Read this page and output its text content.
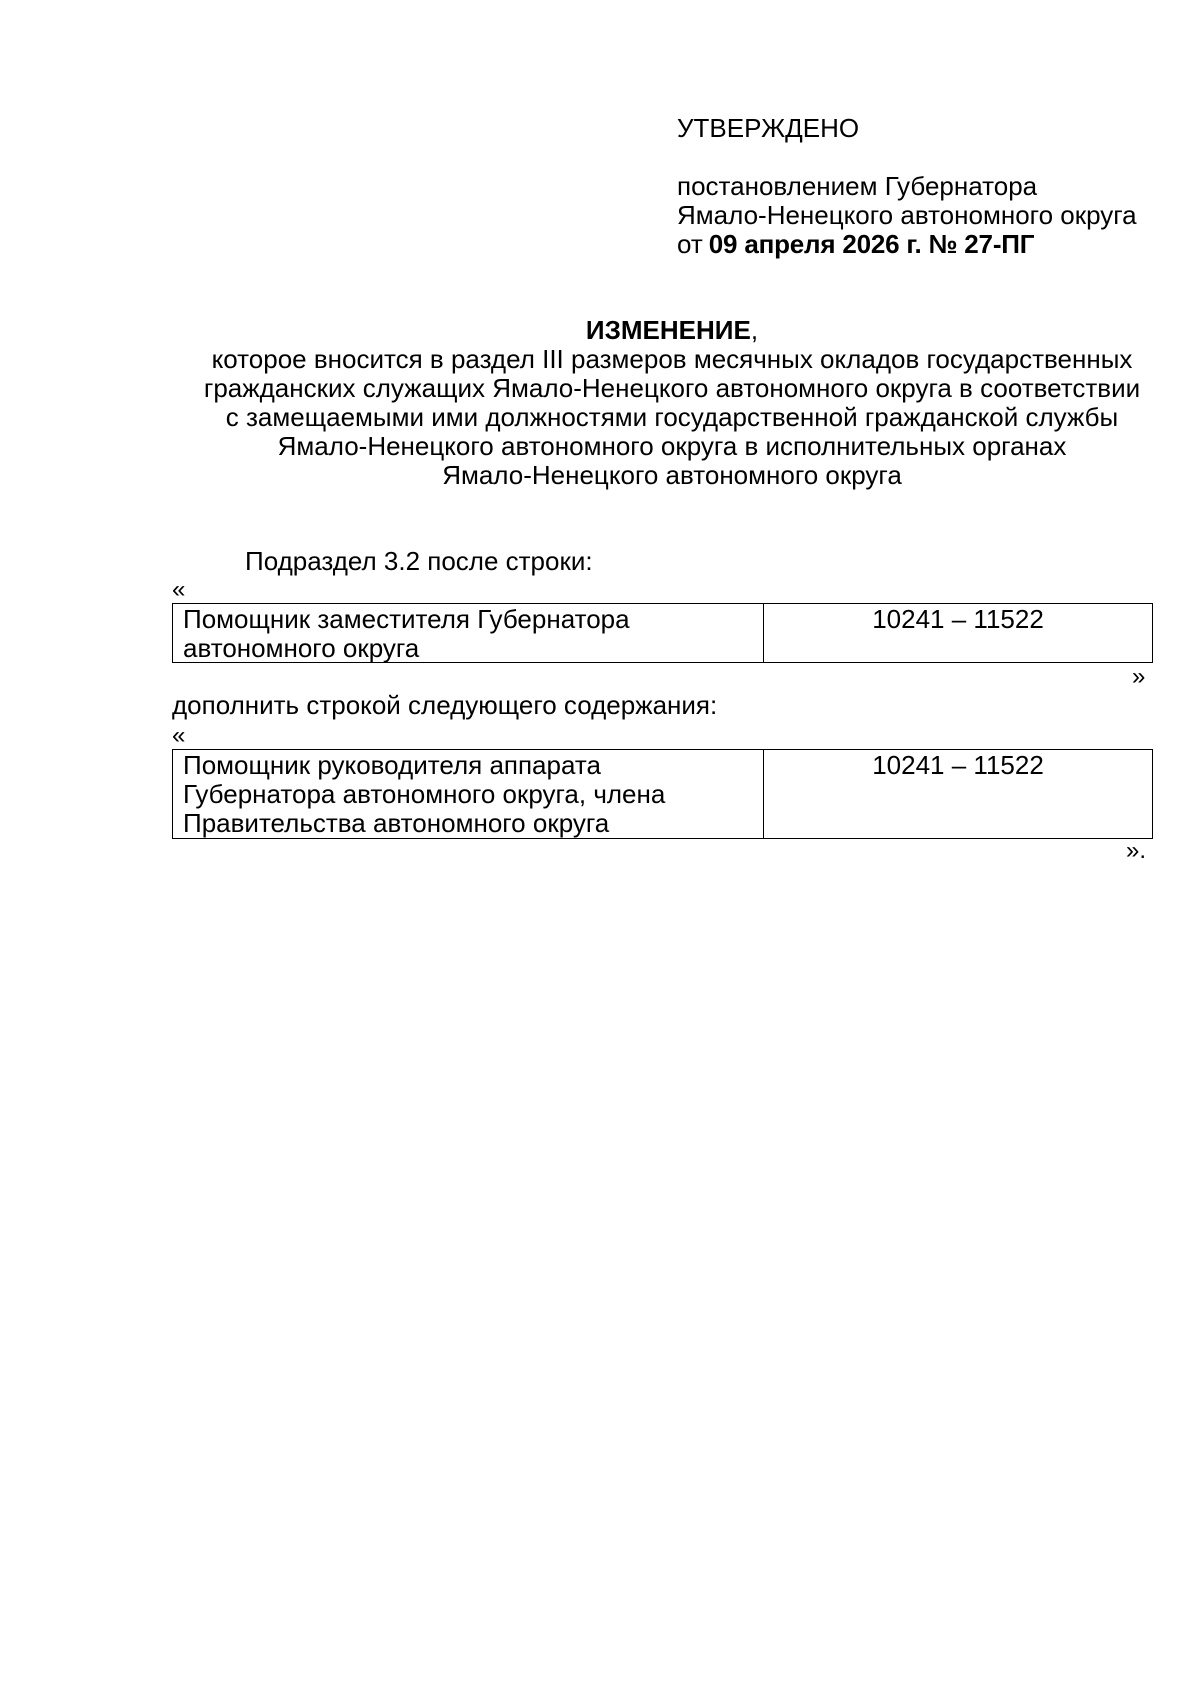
УТВЕРЖДЕНО
постановлением Губернатора
Ямало-Ненецкого автономного округа
от 09 апреля 2026 г. № 27-ПГ
ИЗМЕНЕНИЕ,
которое вносится в раздел III размеров месячных окладов государственных
гражданских служащих Ямало-Ненецкого автономного округа в соответствии
с замещаемыми ими должностями государственной гражданской службы
Ямало-Ненецкого автономного округа в исполнительных органах
Ямало-Ненецкого автономного округа
Подраздел 3.2 после строки:
«
Помощник заместителя Губернатора
автономного округа
10241 – 11522
»
дополнить строкой следующего содержания:
«
Помощник руководителя аппарата
Губернатора автономного округа, члена
Правительства автономного округа
10241 – 11522
».
